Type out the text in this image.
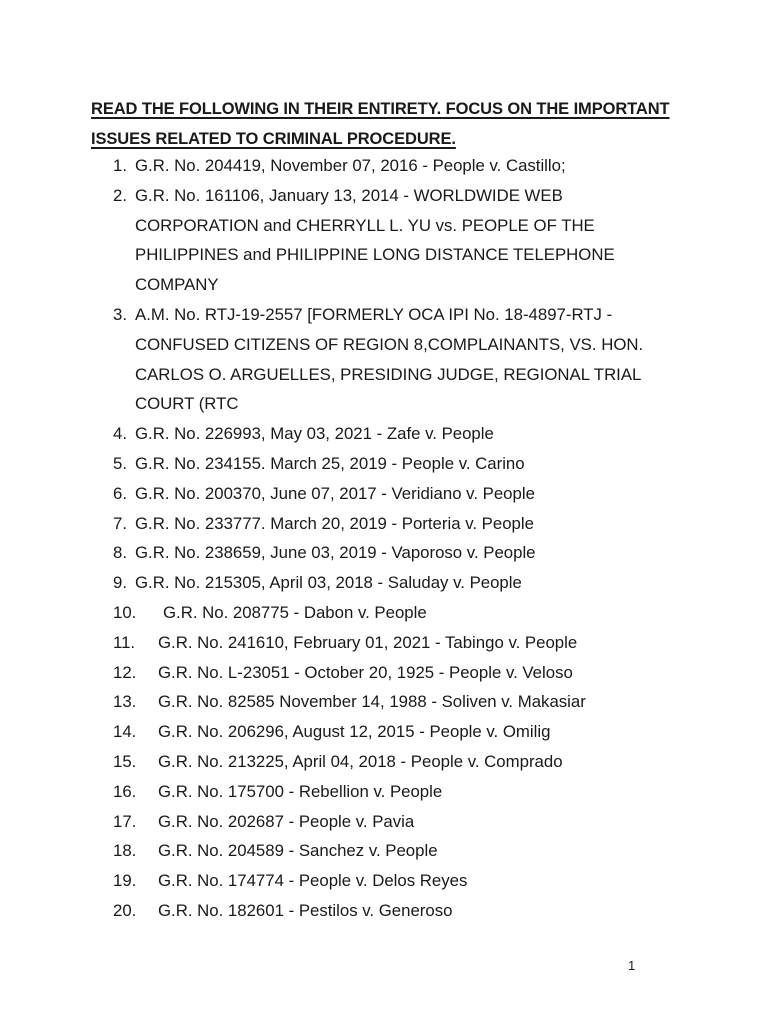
READ THE FOLLOWING IN THEIR ENTIRETY. FOCUS ON THE IMPORTANT
ISSUES RELATED TO CRIMINAL PROCEDURE.

1. G.R. No. 204419, November 07, 2016 - People v. Castillo;
2. G.R. No. 161106, January 13, 2014 - WORLDWIDE WEB CORPORATION and CHERRYLL L. YU vs. PEOPLE OF THE PHILIPPINES and PHILIPPINE LONG DISTANCE TELEPHONE COMPANY
3. A.M. No. RTJ-19-2557 [FORMERLY OCA IPI No. 18-4897-RTJ - CONFUSED CITIZENS OF REGION 8,COMPLAINANTS, VS. HON. CARLOS O. ARGUELLES, PRESIDING JUDGE, REGIONAL TRIAL COURT (RTC
4. G.R. No. 226993, May 03, 2021 - Zafe v. People
5. G.R. No. 234155. March 25, 2019 - People v. Carino
6. G.R. No. 200370, June 07, 2017 - Veridiano v. People
7. G.R. No. 233777. March 20, 2019 - Porteria v. People
8. G.R. No. 238659, June 03, 2019 - Vaporoso v. People
9. G.R. No. 215305, April 03, 2018 - Saluday v. People
10.	G.R. No. 208775 - Dabon v. People
11.	G.R. No. 241610, February 01, 2021 - Tabingo v. People
12.	G.R. No. L-23051 - October 20, 1925 - People v. Veloso
13.	G.R. No. 82585 November 14, 1988 - Soliven v. Makasiar
14.	G.R. No. 206296, August 12, 2015 - People v. Omilig
15.	G.R. No. 213225, April 04, 2018 - People v. Comprado
16.	G.R. No. 175700 - Rebellion v. People
17.	G.R. No. 202687 - People v. Pavia
18.	G.R. No. 204589 - Sanchez v. People
19.	G.R. No. 174774 - People v. Delos Reyes
20.	G.R. No. 182601 - Pestilos v. Generoso
1
